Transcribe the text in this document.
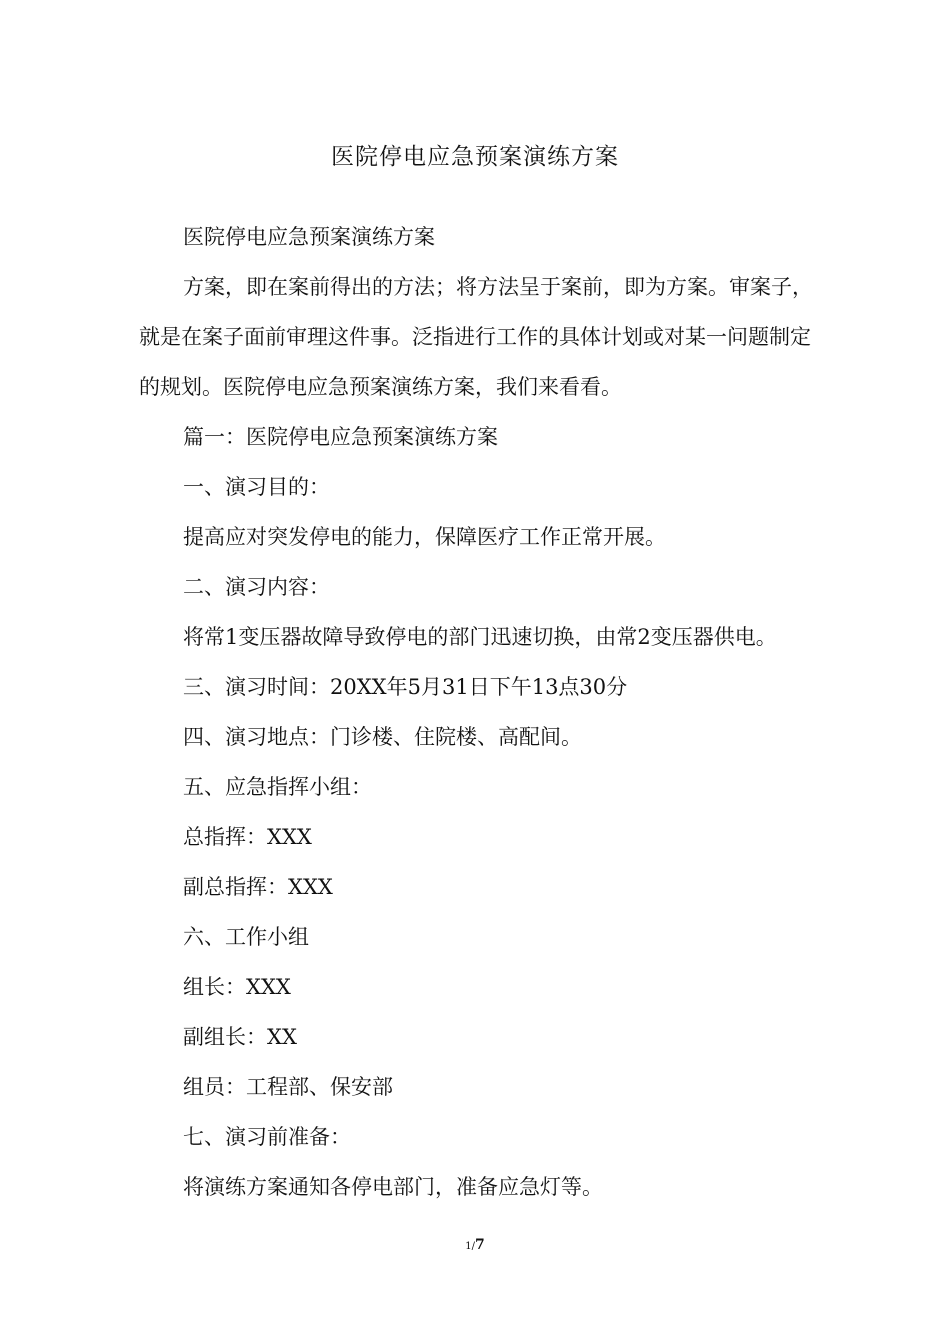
医院停电应急预案演练方案

医院停电应急预案演练方案

方案，即在案前得出的方法；将方法呈于案前，即为方案。审案子，就是在案子面前审理这件事。泛指进行工作的具体计划或对某一问题制定的规划。医院停电应急预案演练方案，我们来看看。

篇一：医院停电应急预案演练方案

一、演习目的：

提高应对突发停电的能力，保障医疗工作正常开展。

二、演习内容：

将常1变压器故障导致停电的部门迅速切换，由常2变压器供电。

三、演习时间：20XX年5月31日下午13点30分

四、演习地点：门诊楼、住院楼、高配间。

五、应急指挥小组：

总指挥：XXX

副总指挥：XXX

六、工作小组

组长：XXX

副组长：XX

组员：工程部、保安部

七、演习前准备：

将演练方案通知各停电部门，准备应急灯等。

1/7
